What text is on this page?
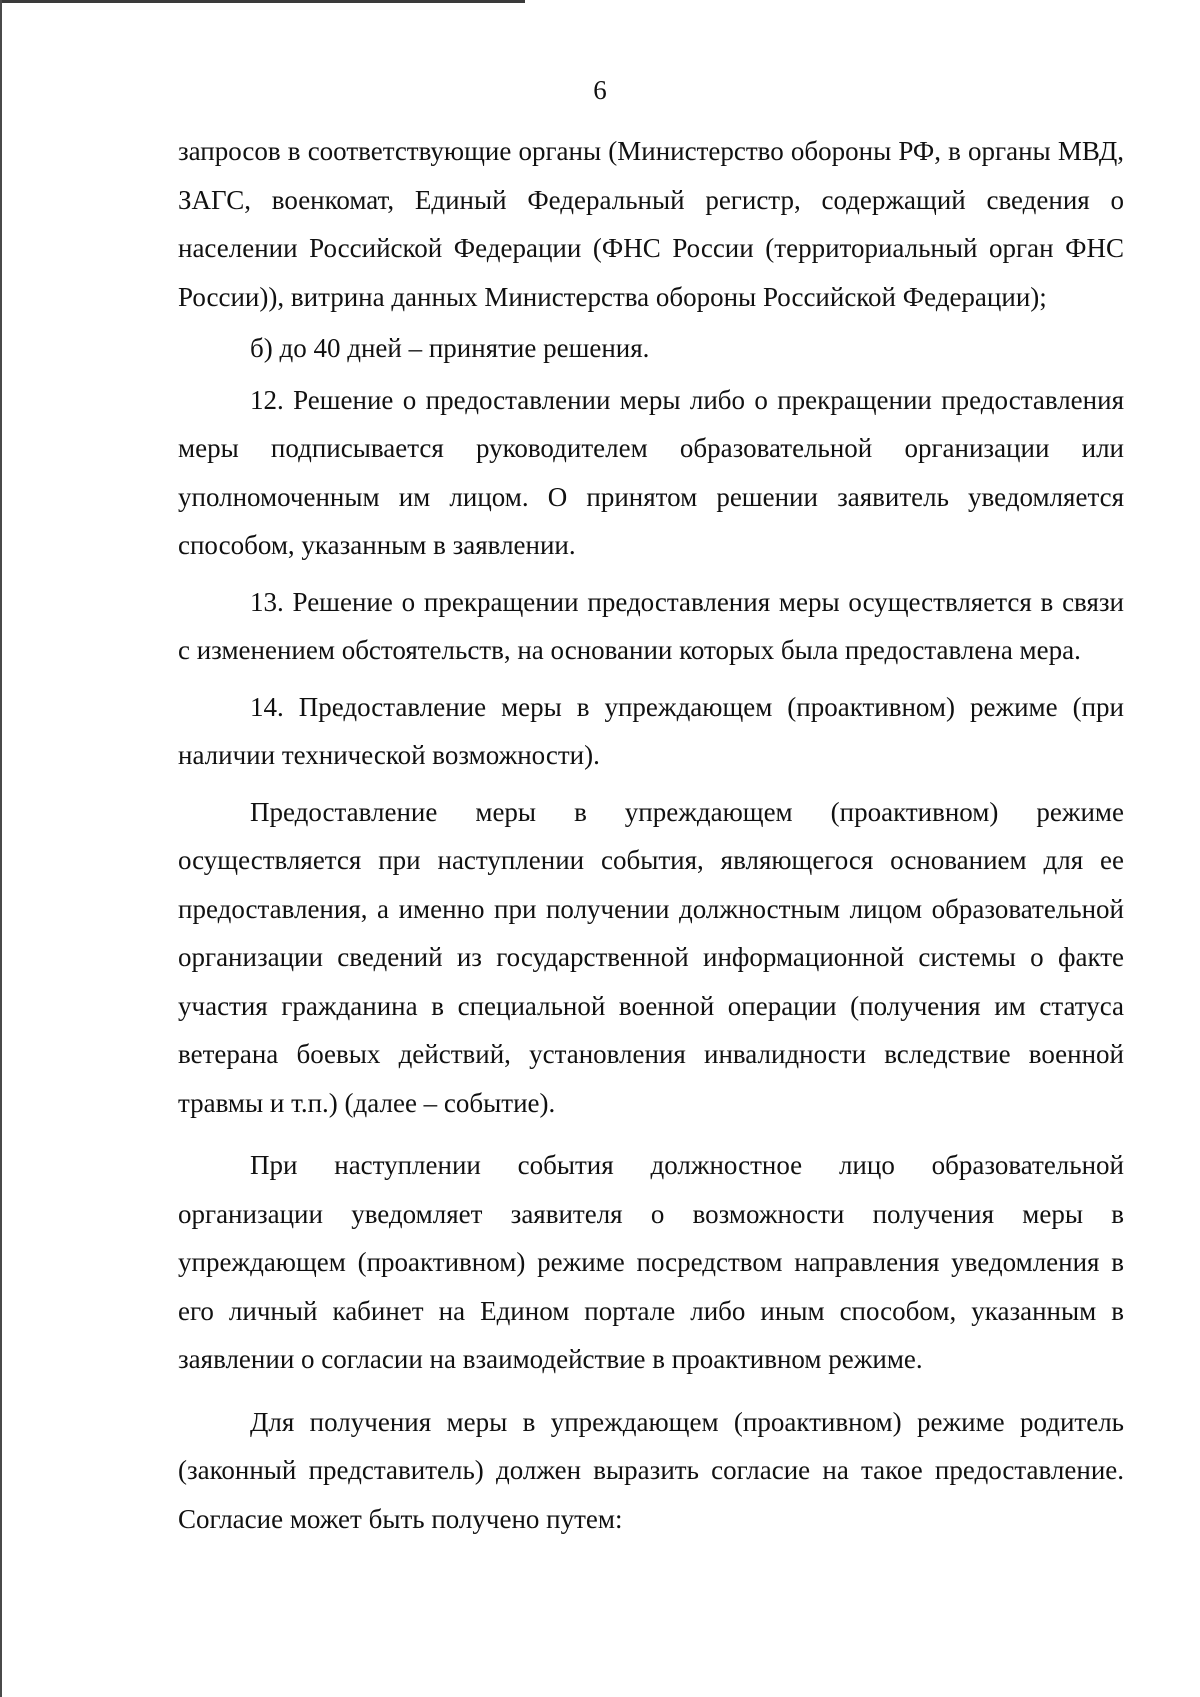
6

запросов в соответствующие органы (Министерство обороны РФ, в органы МВД, ЗАГС, военкомат, Единый Федеральный регистр, содержащий сведения о населении Российской Федерации (ФНС России (территориальный орган ФНС России)), витрина данных Министерства обороны Российской Федерации);

б) до 40 дней – принятие решения.

12. Решение о предоставлении меры либо о прекращении предоставления меры подписывается руководителем образовательной организации или уполномоченным им лицом. О принятом решении заявитель уведомляется способом, указанным в заявлении.

13. Решение о прекращении предоставления меры осуществляется в связи с изменением обстоятельств, на основании которых была предоставлена мера.

14. Предоставление меры в упреждающем (проактивном) режиме (при наличии технической возможности).

Предоставление меры в упреждающем (проактивном) режиме осуществляется при наступлении события, являющегося основанием для ее предоставления, а именно при получении должностным лицом образовательной организации сведений из государственной информационной системы о факте участия гражданина в специальной военной операции (получения им статуса ветерана боевых действий, установления инвалидности вследствие военной травмы и т.п.) (далее – событие).

При наступлении события должностное лицо образовательной организации уведомляет заявителя о возможности получения меры в упреждающем (проактивном) режиме посредством направления уведомления в его личный кабинет на Едином портале либо иным способом, указанным в заявлении о согласии на взаимодействие в проактивном режиме.

Для получения меры в упреждающем (проактивном) режиме родитель (законный представитель) должен выразить согласие на такое предоставление. Согласие может быть получено путем:
